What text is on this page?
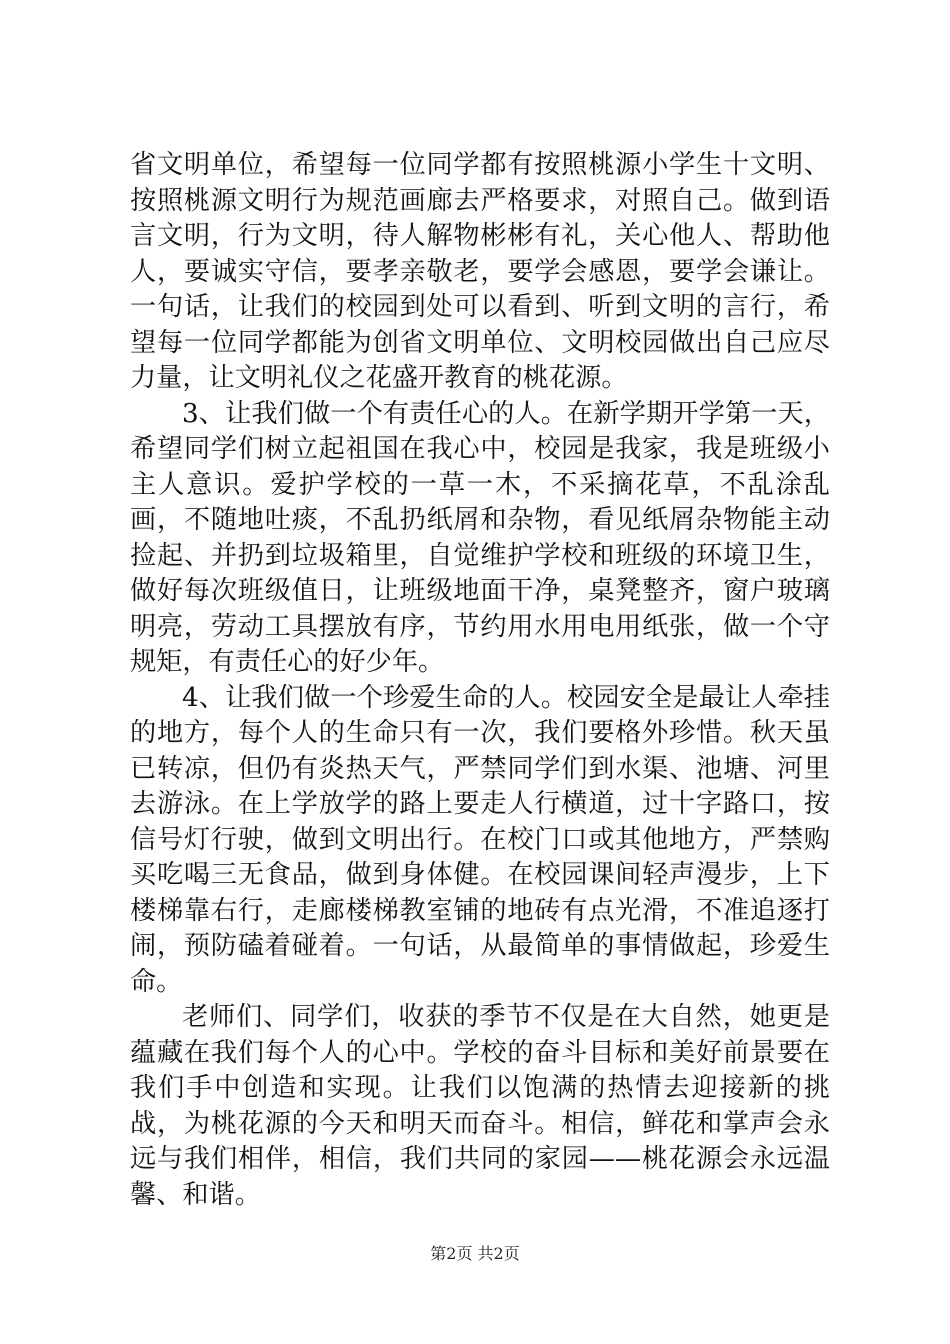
省文明单位，希望每一位同学都有按照桃源小学生十文明、按照桃源文明行为规范画廊去严格要求，对照自己。做到语言文明，行为文明，待人解物彬彬有礼，关心他人、帮助他人，要诚实守信，要孝亲敬老，要学会感恩，要学会谦让。一句话，让我们的校园到处可以看到、听到文明的言行，希望每一位同学都能为创省文明单位、文明校园做出自己应尽力量，让文明礼仪之花盛开教育的桃花源。

3、让我们做一个有责任心的人。在新学期开学第一天，希望同学们树立起祖国在我心中，校园是我家，我是班级小主人意识。爱护学校的一草一木，不采摘花草，不乱涂乱画，不随地吐痰，不乱扔纸屑和杂物，看见纸屑杂物能主动捡起、并扔到垃圾箱里，自觉维护学校和班级的环境卫生，做好每次班级值日，让班级地面干净，桌凳整齐，窗户玻璃明亮，劳动工具摆放有序，节约用水用电用纸张，做一个守规矩，有责任心的好少年。

4、让我们做一个珍爱生命的人。校园安全是最让人牵挂的地方，每个人的生命只有一次，我们要格外珍惜。秋天虽已转凉，但仍有炎热天气，严禁同学们到水渠、池塘、河里去游泳。在上学放学的路上要走人行横道，过十字路口，按信号灯行驶，做到文明出行。在校门口或其他地方，严禁购买吃喝三无食品，做到身体健。在校园课间轻声漫步，上下楼梯靠右行，走廊楼梯教室铺的地砖有点光滑，不准追逐打闹，预防磕着碰着。一句话，从最简单的事情做起，珍爱生命。

老师们、同学们，收获的季节不仅是在大自然，她更是蕴藏在我们每个人的心中。学校的奋斗目标和美好前景要在我们手中创造和实现。让我们以饱满的热情去迎接新的挑战，为桃花源的今天和明天而奋斗。相信，鲜花和掌声会永远与我们相伴，相信，我们共同的家园——桃花源会永远温馨、和谐。

第2页 共2页
